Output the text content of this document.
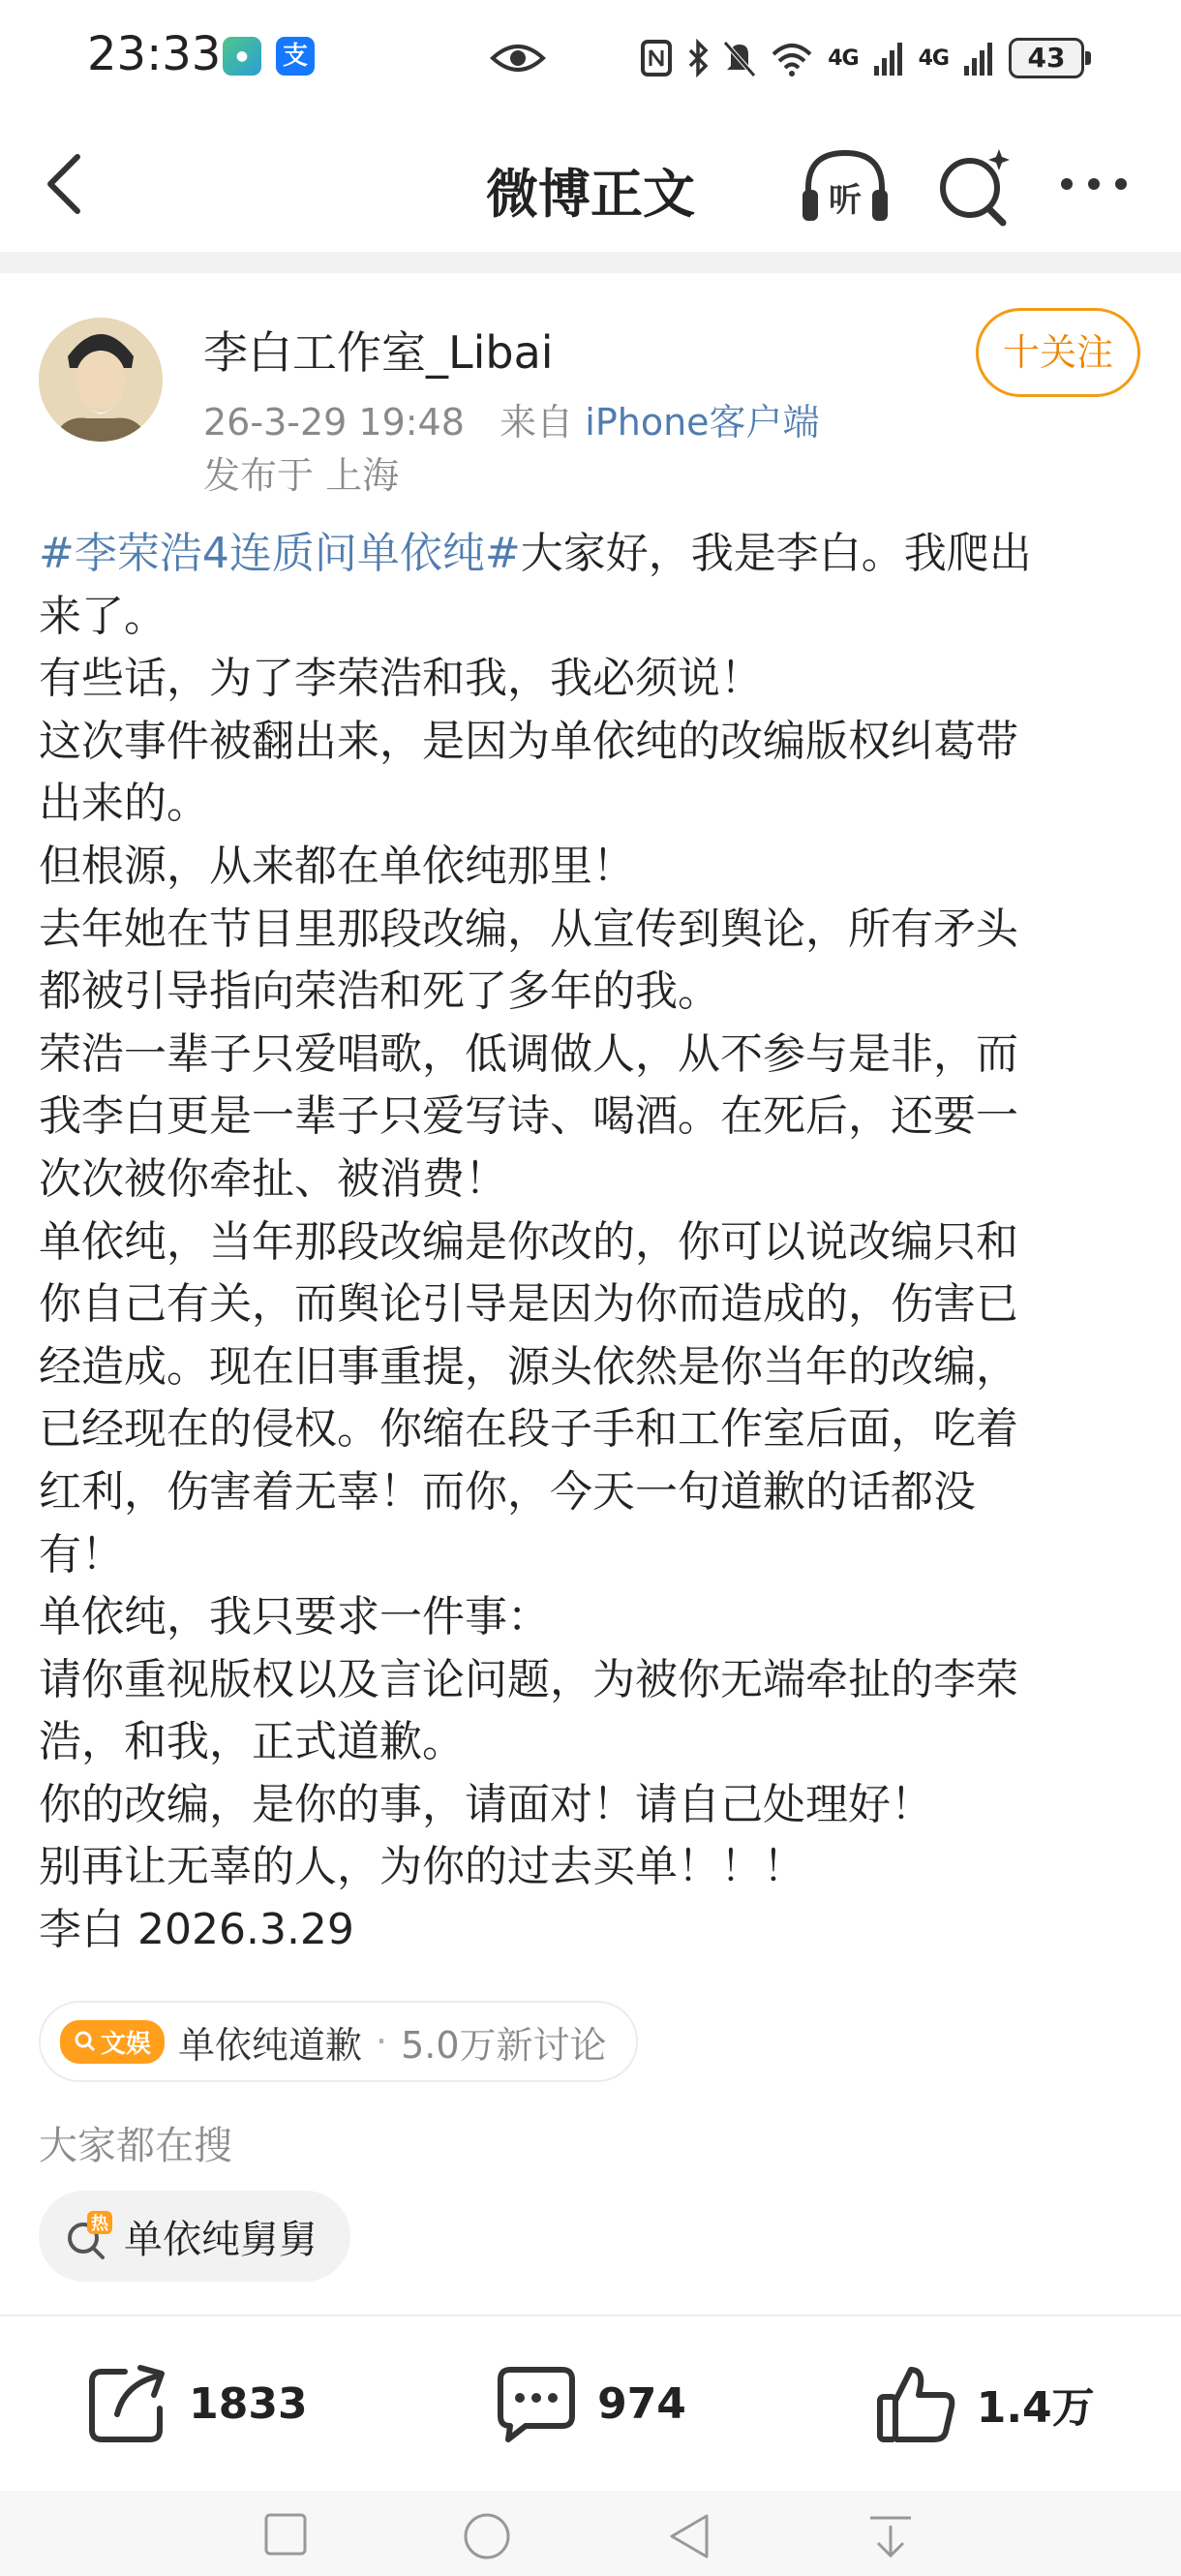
23:33	●	支	4G	4G	43
微博正文	听
李白工作室_Libai
26-3-29 19:48 来自 iPhone客户端
发布于 上海
十关注
#李荣浩4连质问单依纯#大家好，我是李白。我爬出
来了。
有些话，为了李荣浩和我，我必须说！
这次事件被翻出来，是因为单依纯的改编版权纠葛带
出来的。
但根源，从来都在单依纯那里！
去年她在节目里那段改编，从宣传到舆论，所有矛头
都被引导指向荣浩和死了多年的我。
荣浩一辈子只爱唱歌，低调做人，从不参与是非，而
我李白更是一辈子只爱写诗、喝酒。在死后，还要一
次次被你牵扯、被消费！
单依纯，当年那段改编是你改的，你可以说改编只和
你自己有关，而舆论引导是因为你而造成的，伤害已
经造成。现在旧事重提，源头依然是你当年的改编，
已经现在的侵权。你缩在段子手和工作室后面，吃着
红利，伤害着无辜！而你，今天一句道歉的话都没
有！
单依纯，我只要求一件事：
请你重视版权以及言论问题，为被你无端牵扯的李荣
浩，和我，正式道歉。
你的改编，是你的事，请面对！请自己处理好！
别再让无辜的人，为你的过去买单！！！
李白 2026.3.29
文娱 单依纯道歉 · 5.0万新讨论
大家都在搜
热 单依纯舅舅
1833	974	1.4万
